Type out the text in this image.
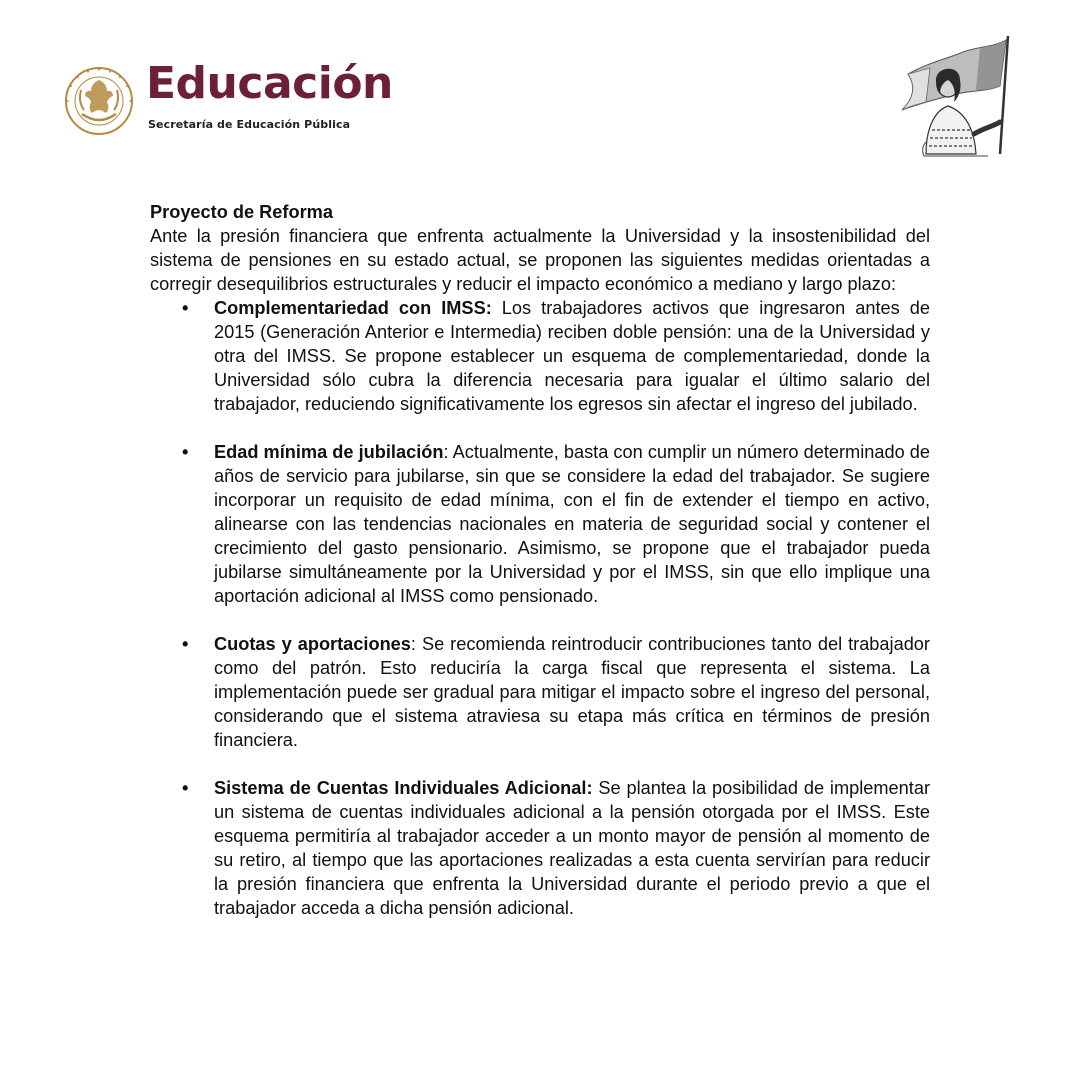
Educación
Secretaría de Educación Pública

Proyecto de Reforma

Ante la presión financiera que enfrenta actualmente la Universidad y la insostenibilidad del sistema de pensiones en su estado actual, se proponen las siguientes medidas orientadas a corregir desequilibrios estructurales y reducir el impacto económico a mediano y largo plazo:

• Complementariedad con IMSS: Los trabajadores activos que ingresaron antes de 2015 (Generación Anterior e Intermedia) reciben doble pensión: una de la Universidad y otra del IMSS. Se propone establecer un esquema de complementariedad, donde la Universidad sólo cubra la diferencia necesaria para igualar el último salario del trabajador, reduciendo significativamente los egresos sin afectar el ingreso del jubilado.
• Edad mínima de jubilación: Actualmente, basta con cumplir un número determinado de años de servicio para jubilarse, sin que se considere la edad del trabajador. Se sugiere incorporar un requisito de edad mínima, con el fin de extender el tiempo en activo, alinearse con las tendencias nacionales en materia de seguridad social y contener el crecimiento del gasto pensionario. Asimismo, se propone que el trabajador pueda jubilarse simultáneamente por la Universidad y por el IMSS, sin que ello implique una aportación adicional al IMSS como pensionado.
• Cuotas y aportaciones: Se recomienda reintroducir contribuciones tanto del trabajador como del patrón. Esto reduciría la carga fiscal que representa el sistema. La implementación puede ser gradual para mitigar el impacto sobre el ingreso del personal, considerando que el sistema atraviesa su etapa más crítica en términos de presión financiera.
• Sistema de Cuentas Individuales Adicional: Se plantea la posibilidad de implementar un sistema de cuentas individuales adicional a la pensión otorgada por el IMSS. Este esquema permitiría al trabajador acceder a un monto mayor de pensión al momento de su retiro, al tiempo que las aportaciones realizadas a esta cuenta servirían para reducir la presión financiera que enfrenta la Universidad durante el periodo previo a que el trabajador acceda a dicha pensión adicional.
